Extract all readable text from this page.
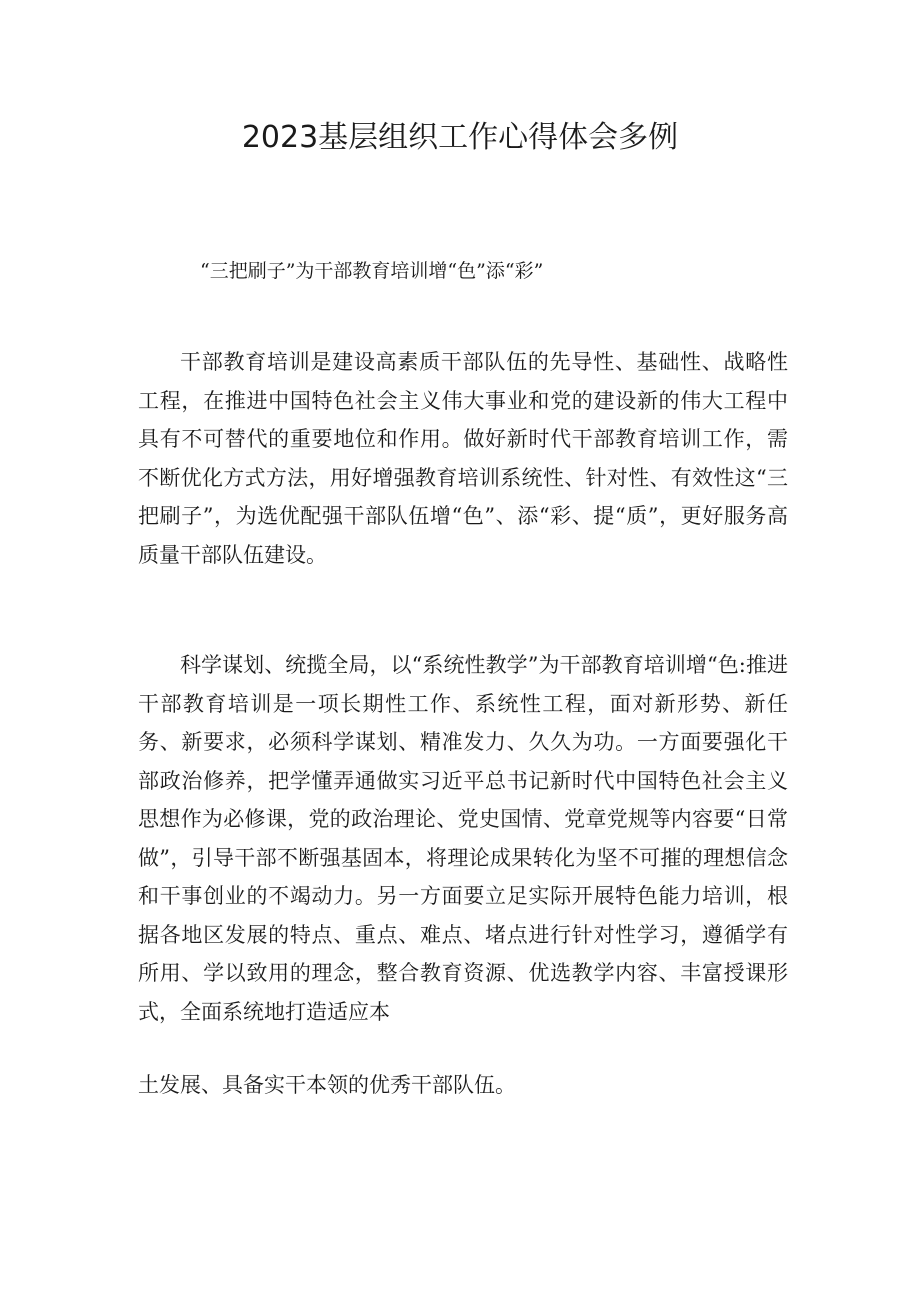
2023基层组织工作心得体会多例
“三把刷子”为干部教育培训增“色”添“彩”

干部教育培训是建设高素质干部队伍的先导性、基础性、战略性工程，在推进中国特色社会主义伟大事业和党的建设新的伟大工程中具有不可替代的重要地位和作用。做好新时代干部教育培训工作，需不断优化方式方法，用好增强教育培训系统性、针对性、有效性这“三把刷子”，为选优配强干部队伍增“色”、添“彩、提“质”，更好服务高质量干部队伍建设。

科学谋划、统揽全局，以“系统性教学”为干部教育培训增“色:推进干部教育培训是一项长期性工作、系统性工程，面对新形势、新任务、新要求，必须科学谋划、精准发力、久久为功。一方面要强化干部政治修养，把学懂弄通做实习近平总书记新时代中国特色社会主义思想作为必修课，党的政治理论、党史国情、党章党规等内容要“日常做”，引导干部不断强基固本，将理论成果转化为坚不可摧的理想信念和干事创业的不竭动力。另一方面要立足实际开展特色能力培训，根据各地区发展的特点、重点、难点、堵点进行针对性学习，遵循学有所用、学以致用的理念，整合教育资源、优选教学内容、丰富授课形式，全面系统地打造适应本

土发展、具备实干本领的优秀干部队伍。
